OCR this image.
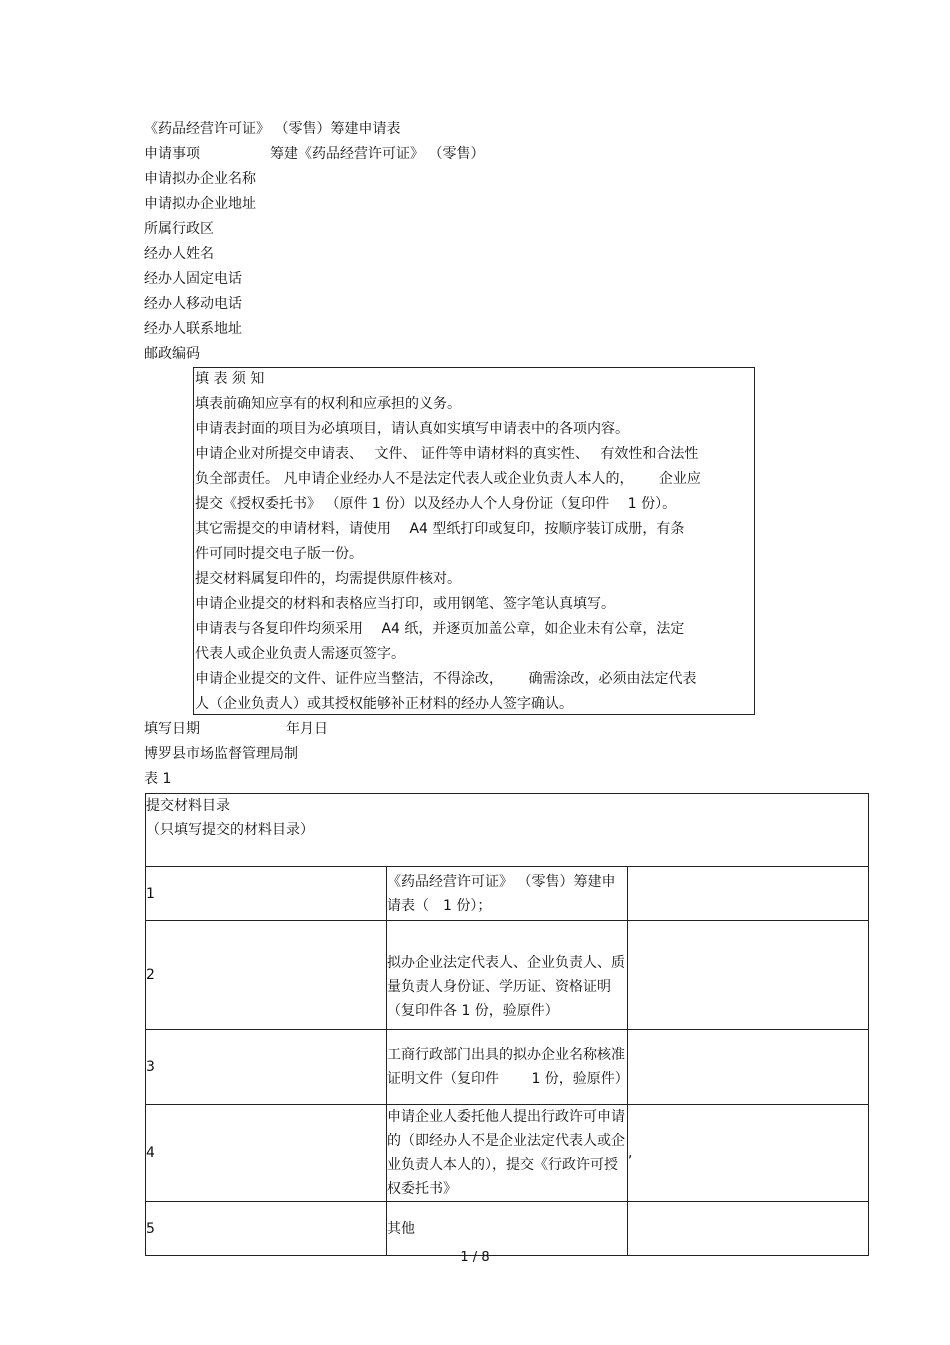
《药品经营许可证》 （零售）筹建申请表
申请事项	筹建《药品经营许可证》 （零售）
申请拟办企业名称
申请拟办企业地址
所属行政区
经办人姓名
经办人固定电话
经办人移动电话
经办人联系地址
邮政编码
填 表 须 知
填表前确知应享有的权利和应承担的义务。
申请表封面的项目为必填项目，请认真如实填写申请表中的各项内容。
申请企业对所提交申请表、　 文件、 证件等申请材料的真实性、　 有效性和合法性
负全部责任。 凡申请企业经办人不是法定代表人或企业负责人本人的，　　 企业应
提交《授权委托书》 （原件 1 份）以及经办人个人身份证（复印件　 1 份）。
其它需提交的申请材料，请使用　 A4 型纸打印或复印，按顺序装订成册，有条
件可同时提交电子版一份。
提交材料属复印件的，均需提供原件核对。
申请企业提交的材料和表格应当打印，或用钢笔、签字笔认真填写。
申请表与各复印件均须采用　 A4 纸，并逐页加盖公章，如企业未有公章，法定
代表人或企业负责人需逐页签字。
申请企业提交的文件、证件应当整洁，不得涂改，　　 确需涂改，必须由法定代表
人（企业负责人）或其授权能够补正材料的经办人签字确认。
填写日期	年月日
博罗县市场监督管理局制
表 1
提交材料目录
（只填写提交的材料目录）		

1	《药品经营许可证》 （零售）筹建申请表（　1 份）；	
2	拟办企业法定代表人、企业负责人、质量负责人身份证、学历证、资格证明（复印件各 1 份，验原件）	
3	工商行政部门出具的拟办企业名称核准证明文件（复印件　　 1 份，验原件）	
4	申请企业人委托他人提出行政许可申请的（即经办人不是企业法定代表人或企业负责人本人的），提交《行政许可授权委托书》	,
5	其他	
1 / 8
